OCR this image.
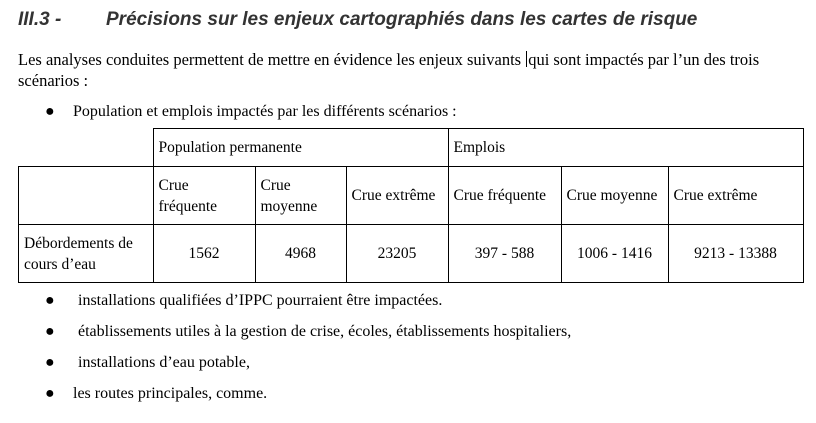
III.3 - Précisions sur les enjeux cartographiés dans les cartes de risque
Les analyses conduites permettent de mettre en évidence les enjeux suivants qui sont impactés par l’un des trois scénarios :
● Population et emplois impactés par les différents scénarios :
	Population permanente			Emplois		
	Crue fréquente	Crue moyenne	Crue extrême	Crue fréquente	Crue moyenne	Crue extrême
Débordements de cours d’eau	1562	4968	23205	397 - 588	1006 - 1416	9213 - 13388
● installations qualifiées d’IPPC pourraient être impactées.
● établissements utiles à la gestion de crise, écoles, établissements hospitaliers,
● installations d’eau potable,
● les routes principales, comme.
